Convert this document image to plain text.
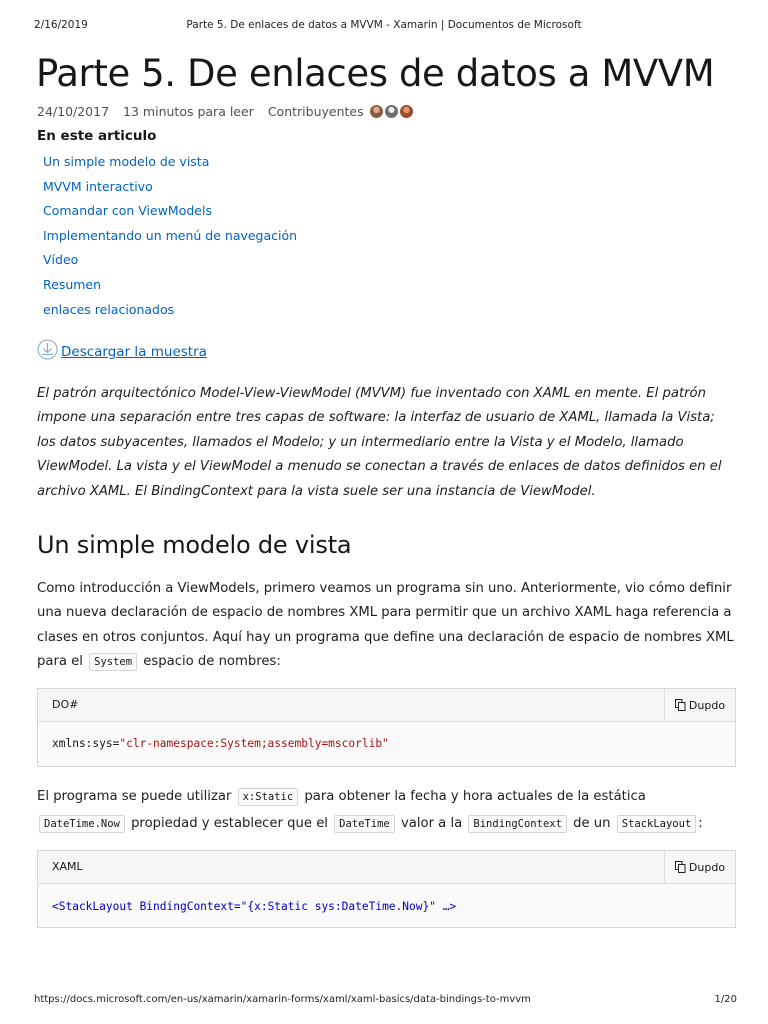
2/16/2019	Parte 5. De enlaces de datos a MVVM - Xamarin | Documentos de Microsoft
Parte 5. De enlaces de datos a MVVM
24/10/2017 13 minutos para leer Contribuyentes
En este articulo
Un simple modelo de vista
MVVM interactivo
Comandar con ViewModels
Implementando un menú de navegación
Vídeo
Resumen
enlaces relacionados
Descargar la muestra

El patrón arquitectónico Model-View-ViewModel (MVVM) fue inventado con XAML en mente. El patrón impone una separación entre tres capas de software: la interfaz de usuario de XAML, llamada la Vista; los datos subyacentes, llamados el Modelo; y un intermediario entre la Vista y el Modelo, llamado ViewModel. La vista y el ViewModel a menudo se conectan a través de enlaces de datos definidos en el archivo XAML. El BindingContext para la vista suele ser una instancia de ViewModel.

Un simple modelo de vista

Como introducción a ViewModels, primero veamos un programa sin uno. Anteriormente, vio cómo definir una nueva declaración de espacio de nombres XML para permitir que un archivo XAML haga referencia a clases en otros conjuntos. Aquí hay un programa que define una declaración de espacio de nombres XML para el System espacio de nombres:

DO#	Dupdo
xmlns:sys="clr-namespace:System;assembly=mscorlib"

El programa se puede utilizar x:Static para obtener la fecha y hora actuales de la estática DateTime.Now propiedad y establecer que el DateTime valor a la BindingContext de un StackLayout :

XAML	Dupdo
<StackLayout BindingContext="{x:Static sys:DateTime.Now}" …>
https://docs.microsoft.com/en-us/xamarin/xamarin-forms/xaml/xaml-basics/data-bindings-to-mvvm	1/20
